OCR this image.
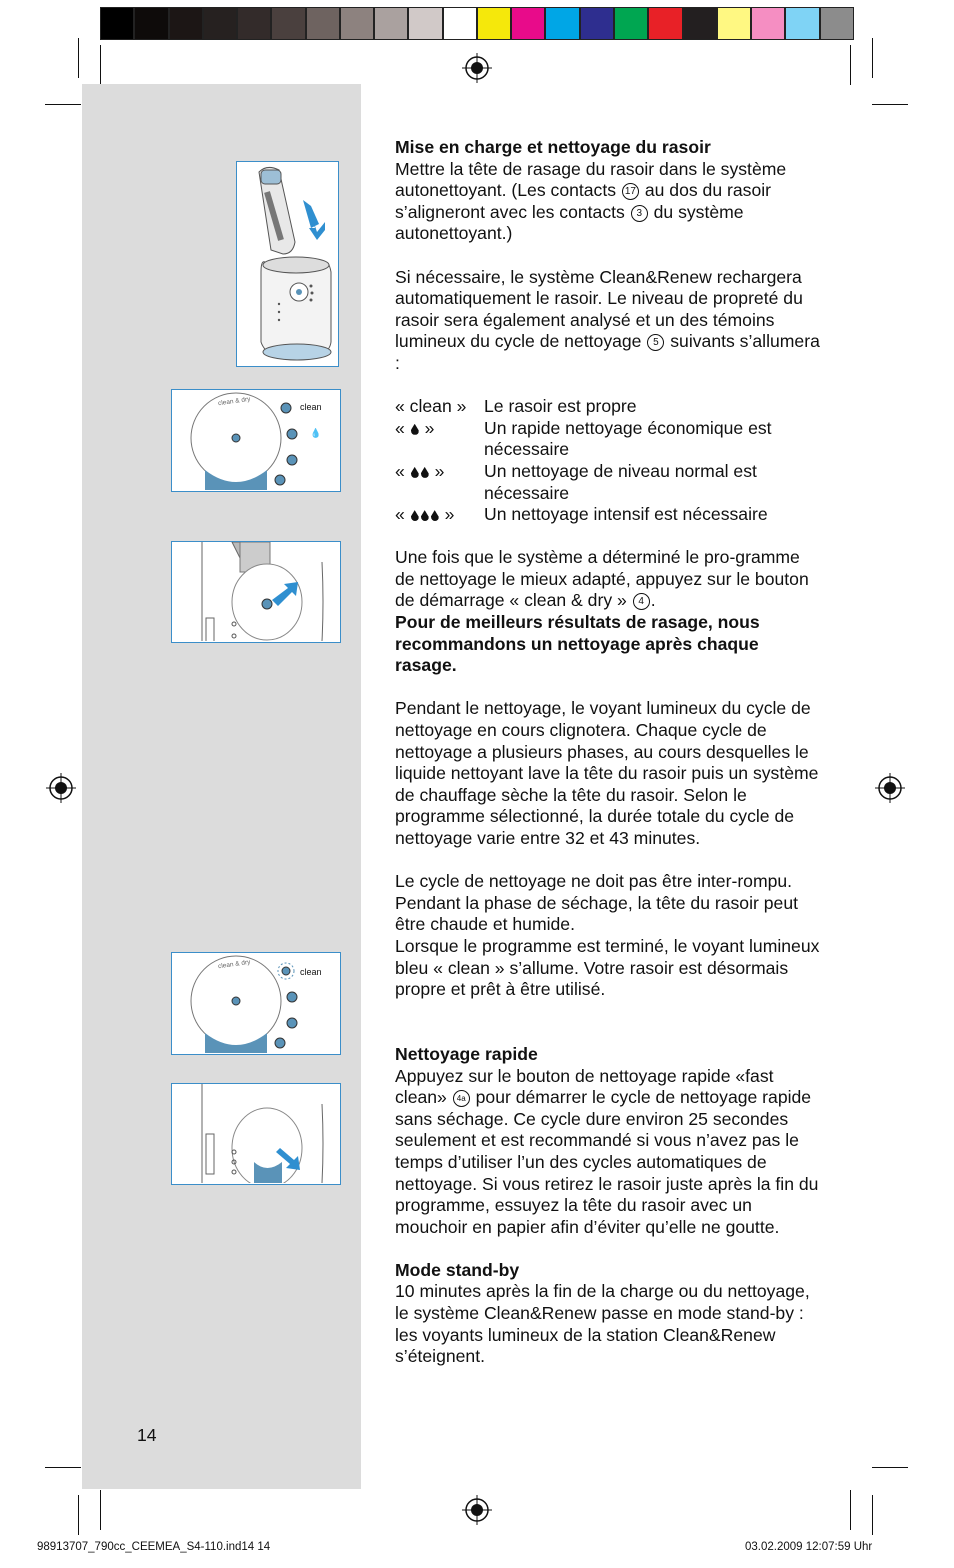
clean
clean & dry
fast clean
💧
clean
clean & dry
fast clean

Mise en charge et nettoyage du rasoir

Mettre la tête de rasage du rasoir dans le système autonettoyant. (Les contacts 17 au dos du rasoir s’aligneront avec les contacts 3 du système autonettoyant.)

Si nécessaire, le système Clean&Renew rechargera automatiquement le rasoir. Le niveau de propreté du rasoir sera également analysé et un des témoins lumineux du cycle de nettoyage 5 suivants s’allumera :

« clean » Le rasoir est propre
« »	Un rapide nettoyage économique est nécessaire
« »	Un nettoyage de niveau normal est nécessaire
« »	Un nettoyage intensif est nécessaire

Une fois que le système a déterminé le pro-gramme de nettoyage le mieux adapté, appuyez sur le bouton de démarrage « clean & dry » 4 .

Pour de meilleurs résultats de rasage, nous recommandons un nettoyage après chaque rasage.

Pendant le nettoyage, le voyant lumineux du cycle de nettoyage en cours clignotera. Chaque cycle de nettoyage a plusieurs phases, au cours desquelles le liquide nettoyant lave la tête du rasoir puis un système de chauffage sèche la tête du rasoir. Selon le programme sélectionné, la durée totale du cycle de nettoyage varie entre 32 et 43 minutes.

Le cycle de nettoyage ne doit pas être inter-rompu. Pendant la phase de séchage, la tête du rasoir peut être chaude et humide.

Lorsque le programme est terminé, le voyant lumineux bleu « clean » s’allume. Votre rasoir est désormais propre et prêt à être utilisé.

Nettoyage rapide

Appuyez sur le bouton de nettoyage rapide «fast clean» 4a pour démarrer le cycle de nettoyage rapide sans séchage. Ce cycle dure environ 25 secondes seulement et est recommandé si vous n’avez pas le temps d’utiliser l’un des cycles automatiques de nettoyage. Si vous retirez le rasoir juste après la fin du programme, essuyez la tête du rasoir avec un mouchoir en papier afin d’éviter qu’elle ne goutte.

Mode stand-by

10 minutes après la fin de la charge ou du nettoyage, le système Clean&Renew passe en mode stand-by : les voyants lumineux de la station Clean&Renew s’éteignent.

14
98913707_790cc_CEEMEA_S4-110.ind14 14	03.02.2009 12:07:59 Uhr
